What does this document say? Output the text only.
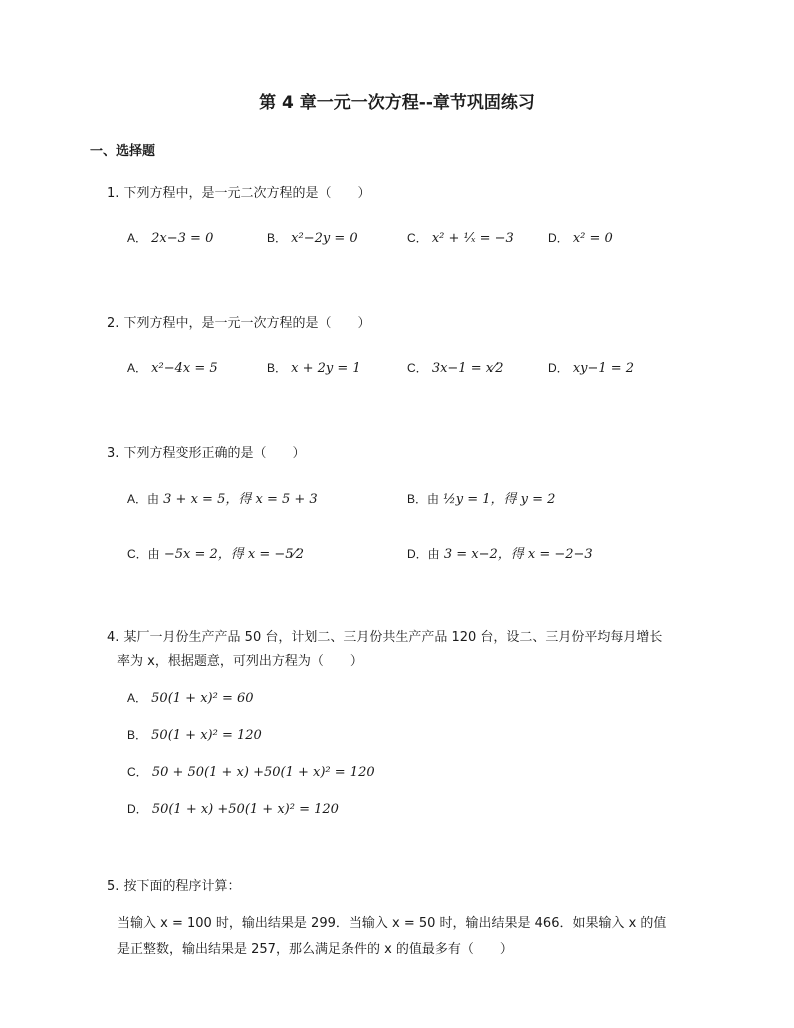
第 4 章一元一次方程--章节巩固练习
一、选择题
1. 下列方程中，是一元二次方程的是（　　）
A． 2x−3 = 0	B． x²−2y = 0	C． x² + ¹⁄ₓ = −3	D． x² = 0
2. 下列方程中，是一元一次方程的是（　　）
A． x²−4x = 5	B． x + 2y = 1	C． 3x−1 = x⁄2	D． xy−1 = 2
3. 下列方程变形正确的是（　　）
A．由 3 + x = 5，得 x = 5 + 3	B．由 ½y = 1，得 y = 2
C．由 −5x = 2，得 x = −5⁄2	D．由 3 = x−2，得 x = −2−3
4. 某厂一月份生产产品 50 台，计划二、三月份共生产产品 120 台，设二、三月份平均每月增长
率为 x，根据题意，可列出方程为（　　）
A． 50(1 + x)² = 60
B． 50(1 + x)² = 120
C． 50 + 50(1 + x) +50(1 + x)² = 120
D． 50(1 + x) +50(1 + x)² = 120
5. 按下面的程序计算：
当输入 x = 100 时，输出结果是 299．当输入 x = 50 时，输出结果是 466．如果输入 x 的值
是正整数，输出结果是 257，那么满足条件的 x 的值最多有（　　）
